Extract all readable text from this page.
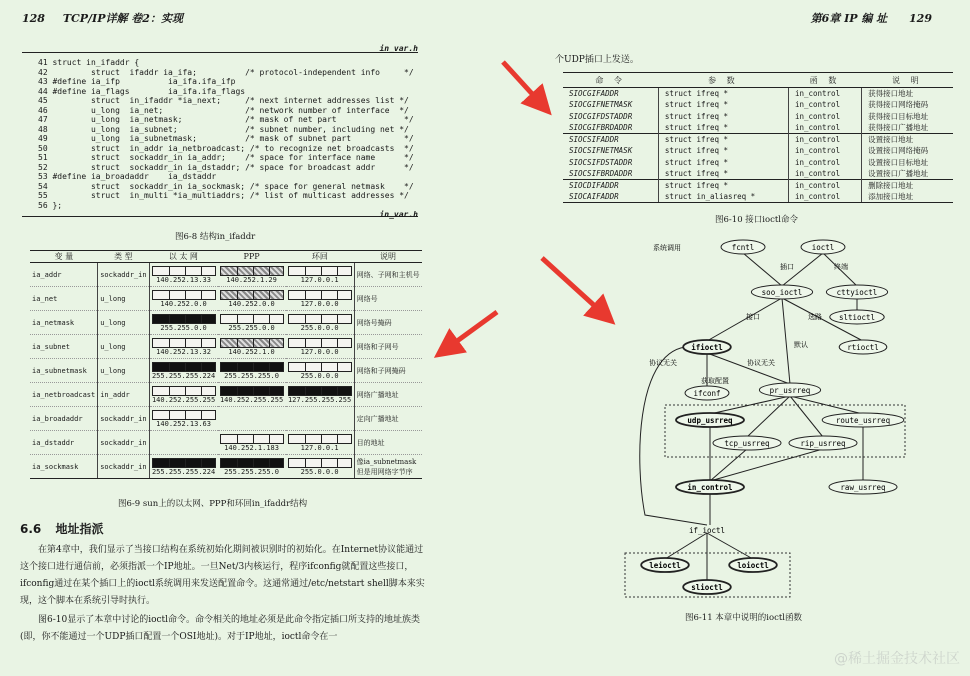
128 TCP/IP详解 卷2：实现
in_var.h
41 struct in_ifaddr {
42         struct  ifaddr ia_ifa;          /* protocol-independent info     */
43 #define ia_ifp          ia_ifa.ifa_ifp
44 #define ia_flags        ia_ifa.ifa_flags
45         struct  in_ifaddr *ia_next;     /* next internet addresses list */
46         u_long  ia_net;                 /* network number of interface  */
47         u_long  ia_netmask;             /* mask of net part              */
48         u_long  ia_subnet;              /* subnet number, including net */
49         u_long  ia_subnetmask;          /* mask of subnet part           */
50         struct  in_addr ia_netbroadcast; /* to recognize net broadcasts  */
51         struct  sockaddr_in ia_addr;    /* space for interface name      */
52         struct  sockaddr_in ia_dstaddr; /* space for broadcast addr      */
53 #define ia_broadaddr    ia_dstaddr
54         struct  sockaddr_in ia_sockmask; /* space for general netmask    */
55         struct  in_multi *ia_multiaddrs; /* list of multicast addresses */
56 };
in_var.h
图6-8 结构in_ifaddr
变 量	类 型	以 太 网	PPP	环回	说明
ia_addr	sockaddr_in	140.252.13.33	140.252.1.29	127.0.0.1	网络、子网和主机号
ia_net	u_long	140.252.0.0	140.252.0.0	127.0.0.0	网络号
ia_netmask	u_long	255.255.0.0	255.255.0.0	255.0.0.0	网络号掩码
ia_subnet	u_long	140.252.13.32	140.252.1.0	127.0.0.0	网络和子网号
ia_subnetmask	u_long	255.255.255.224	255.255.255.0	255.0.0.0	网络和子网掩码
ia_netbroadcast	in_addr	140.252.255.255	140.252.255.255	127.255.255.255	网络广播地址
ia_broadaddr	sockaddr_in	140.252.13.63			定向广播地址
ia_dstaddr	sockaddr_in		140.252.1.183	127.0.0.1	目的地址
ia_sockmask	sockaddr_in	255.255.255.224	255.255.255.0	255.0.0.0	像ia_subnetmask 但是用网络字节序
图6-9 sun上的以太网、PPP和环回in_ifaddr结构
6.6 地址指派
在第4章中，我们显示了当接口结构在系统初始化期间被识别时的初始化。在Internet协议能通过这个接口进行通信前，必须指派一个IP地址。一旦Net/3内核运行，程序ifconfig就配置这些接口，ifconfig通过在某个插口上的ioctl系统调用来发送配置命令。这通常通过/etc/netstart shell脚本来实现，这个脚本在系统引导时执行。
图6-10显示了本章中讨论的ioctl命令。命令相关的地址必须是此命令指定插口所支持的地址族类(即，你不能通过一个UDP插口配置一个OSI地址)。对于IP地址，ioctl命令在一
第6章 IP 编 址 129
个UDP插口上发送。
命 令	参 数	函 数	说 明
SIOCGIFADDR	struct ifreq *	in_control	获得接口地址
SIOCGIFNETMASK	struct ifreq *	in_control	获得接口网络掩码
SIOCGIFDSTADDR	struct ifreq *	in_control	获得接口目标地址
SIOCGIFBRDADDR	struct ifreq *	in_control	获得接口广播地址
SIOCSIFADDR	struct ifreq *	in_control	设置接口地址
SIOCSIFNETMASK	struct ifreq *	in_control	设置接口网络掩码
SIOCSIFDSTADDR	struct ifreq *	in_control	设置接口目标地址
SIOCSIFBRDADDR	struct ifreq *	in_control	设置接口广播地址
SIOCDIFADDR	struct ifreq *	in_control	删除接口地址
SIOCAIFADDR	struct in_aliasreq *	in_control	添加接口地址
图6-10 接口ioctl命令
fcntl	ioctl
soo_ioctl	cttyioctl
sltioctl
ifioctl	rtioctl
ifconf	pr_usrreq
udp_usrreq	route_usrreq
tcp_usrreq	rip_usrreq
in_control	raw_usrreq
leioctl	loioctl
slioctl
系统调用
if_ioctl
插口	终端
接口	选路
默认
协议无关	协议无关
获取配置
图6-11 本章中说明的ioctl函数
@稀土掘金技术社区
